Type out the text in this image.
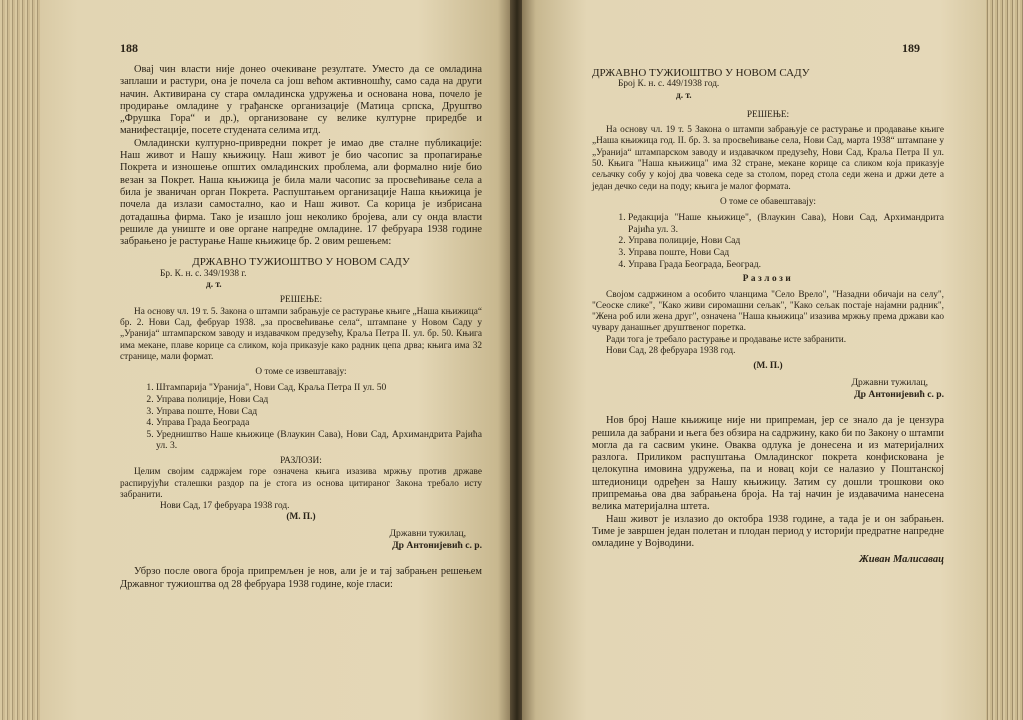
188

Овај чин власти није донео очекиване резултате. Уместо да се омладина заплаши и растури, она је почела са још већом активношћу, само сада на други начин. Активирана су стара омладинска удружења и основана нова, почело је продирање омладине у грађанске организације (Матица српска, Друштво „Фрушка Гора“ и др.), организоване су велике културне приредбе и манифестације, посете студената селима итд.

Омладински културно-привредни покрет је имао две сталне публикације: Наш живот и Нашу књижицу. Наш живот је био часопис за пропагирање Покрета и изношење општих омладинских проблема, али формално није био везан за Покрет. Наша књижица је била мали часопис за просвећивање села а била је званичан орган Покрета. Распуштањем организације Наша књижица је почела да излази самостално, као и Наш живот. Са корица је избрисана дотадашња фирма. Тако је изашло још неколико бројева, али су онда власти решиле да униште и ове органе напредне омладине. 17 фебруара 1938 године забрањено је растурање Наше књижице бр. 2 овим решењем:

ДРЖАВНО ТУЖИОШТВО У НОВОМ САДУ

Бр. К. н. с. 349/1938 г.

д. т.

РЕШЕЊЕ:

На основу чл. 19 т. 5. Закона о штампи забрањује се растурање књиге „Наша књижица“ бр. 2. Нови Сад, фебруар 1938. „за просвећивање села“, штампане у Новом Саду у „Уранија“ штампарском заводу и издавачком предузећу, Краља Петра II. ул. бр. 50. Књига има мекане, плаве корице са сликом, која приказује како радник цепа дрва; књига има 32 странице, мали формат.

О томе се извештавају:

1. Штампарија "Уранија", Нови Сад, Краља Петра II ул. 50
2. Управа полиције, Нови Сад
3. Управа поште, Нови Сад
4. Управа Града Београда
5. Уредништво Наше књижице (Влаукин Сава), Нови Сад, Архимандрита Рајића ул. 3.

РАЗЛОЗИ:

Целим својим садржајем горе означена књига изазива мржњу против државе распирујући сталешки раздор па је стога из основа цитираног Закона требало исту забранити.

Нови Сад, 17 фебруара 1938 год.

(М. П.)

Државни тужилац,

Др Антонијевић с. р.

Убрзо после овога броја припремљен је нов, али је и тај забрањен решењем Државног тужиоштва од 28 фебруара 1938 године, које гласи:

189

ДРЖАВНО ТУЖИОШТВО У НОВОМ САДУ

Број К. н. с. 449/1938 год.

д. т.

РЕШЕЊЕ:

На основу чл. 19 т. 5 Закона о штампи забрањује се растурање и продавање књиге „Наша књижица год. II. бр. 3. за просвећивање села, Нови Сад, марта 1938“ штампане у „Уранија“ штампарском заводу и издавачком предузећу, Нови Сад, Краља Петра II ул. 50. Књига "Наша књижица" има 32 стране, мекане корице са сликом која приказује сељачку собу у којој два човека седе за столом, поред стола седи жена и држи дете а један дечко седи на поду; књига је малог формата.

О томе се обавештавају:

1. Редакција "Наше књижице", (Влаукин Сава), Нови Сад, Архимандрита Рајића ул. 3.
2. Управа полиције, Нови Сад
3. Управа поште, Нови Сад
4. Управа Града Београда, Београд.

Разлози

Својом садржином а особито чланцима "Село Врело", "Назадни обичаји на селу", "Сеоске слике", "Како живи сиромашни сељак", "Како сељак постаје најамни радник", "Жена роб или жена друг", означена "Наша књижица" изазива мржњу према држави као чувару данашњег друштвеног поретка.

Ради тога је требало растурање и продавање исте забранити.

Нови Сад, 28 фебруара 1938 год.

(М. П.)

Државни тужилац,

Др Антонијевић с. р.

Нов број Наше књижице није ни припреман, јер се знало да је цензура решила да забрани и њега без обзира на садржину, како би по Закону о штампи могла да га сасвим укине. Оваква одлука је донесена и из материјалних разлога. Приликом распуштања Омладинског покрета конфискована је целокупна имовина удружења, па и новац који се налазио у Поштанској штедионици одређен за Нашу књижицу. Затим су дошли трошкови око припремања ова два забрањена броја. На тај начин је издавачима нанесена велика материјална штета.

Наш живот је излазио до октобра 1938 године, а тада је и он забрањен. Тиме је завршен један полетан и плодан период у историји предратне напредне омладине у Војводини.

Живан Малисавац
